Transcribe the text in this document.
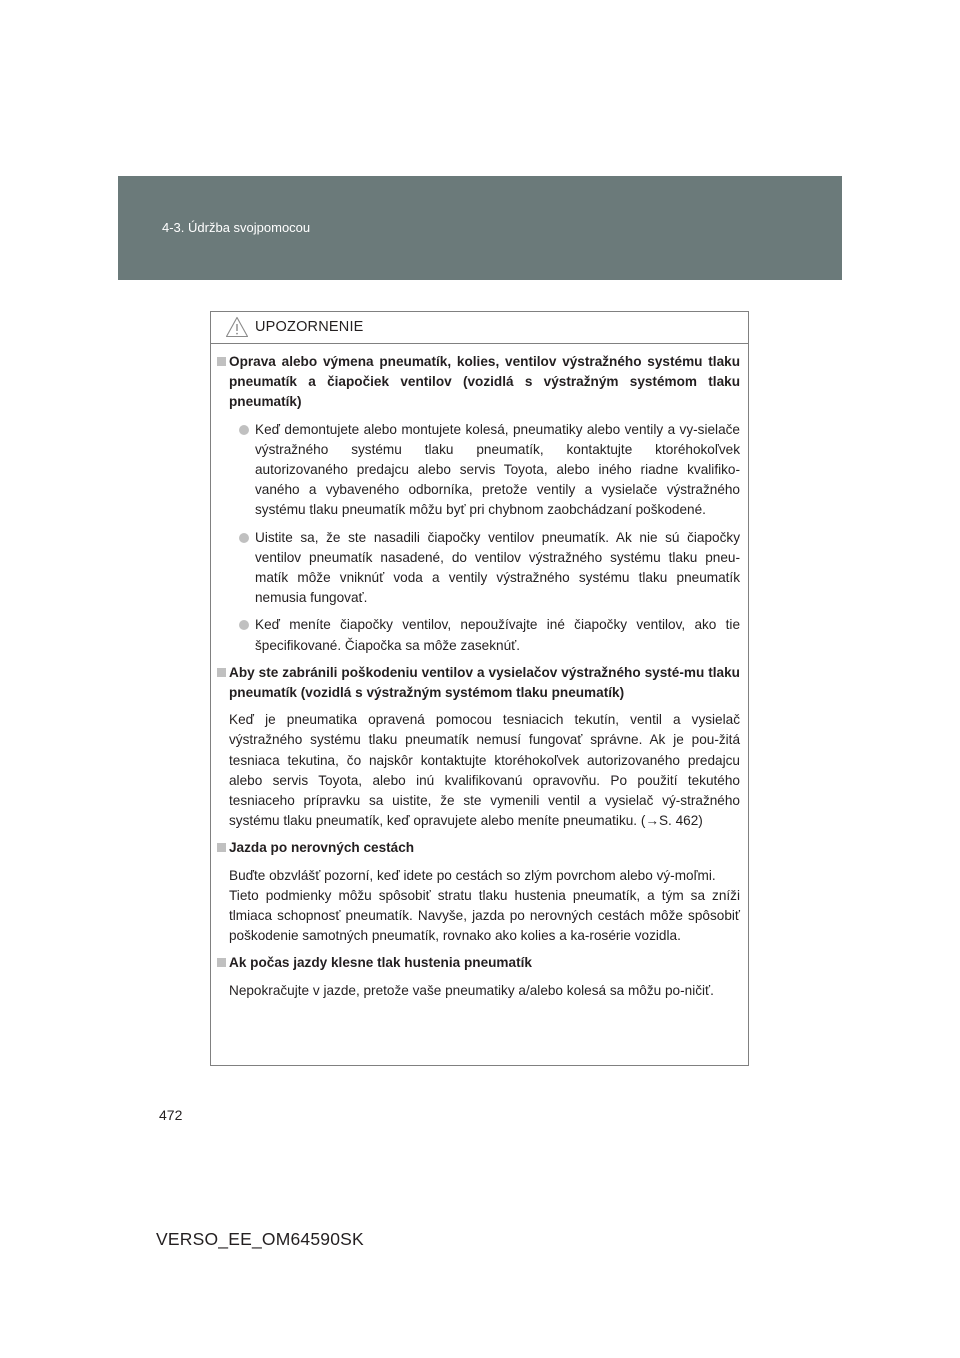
4-3. Údržba svojpomocou
UPOZORNENIE
Oprava alebo výmena pneumatík, kolies, ventilov výstražného systému tlaku pneumatík a čiapočiek ventilov (vozidlá s výstražným systémom tlaku pneumatík)
Keď demontujete alebo montujete kolesá, pneumatiky alebo ventily a vy-sielače výstražného systému tlaku pneumatík, kontaktujte ktoréhokoľvek autorizovaného predajcu alebo servis Toyota, alebo iného riadne kvalifiko-vaného a vybaveného odborníka, pretože ventily a vysielače výstražného systému tlaku pneumatík môžu byť pri chybnom zaobchádzaní poškodené.
Uistite sa, že ste nasadili čiapočky ventilov pneumatík. Ak nie sú čiapočky ventilov pneumatík nasadené, do ventilov výstražného systému tlaku pneu-matík môže vniknúť voda a ventily výstražného systému tlaku pneumatík nemusia fungovať.
Keď meníte čiapočky ventilov, nepoužívajte iné čiapočky ventilov, ako tie špecifikované. Čiapočka sa môže zaseknúť.
Aby ste zabránili poškodeniu ventilov a vysielačov výstražného systé-mu tlaku pneumatík (vozidlá s výstražným systémom tlaku pneumatík)
Keď je pneumatika opravená pomocou tesniacich tekutín, ventil a vysielač výstražného systému tlaku pneumatík nemusí fungovať správne. Ak je pou-žitá tesniaca tekutina, čo najskôr kontaktujte ktoréhokoľvek autorizovaného predajcu alebo servis Toyota, alebo inú kvalifikovanú opravovňu. Po použití tekutého tesniaceho prípravku sa uistite, že ste vymenili ventil a vysielač vý-stražného systému tlaku pneumatík, keď opravujete alebo meníte pneumatiku. (→S. 462)
Jazda po nerovných cestách
Buďte obzvlášť pozorní, keď idete po cestách so zlým povrchom alebo vý-moľmi.
Tieto podmienky môžu spôsobiť stratu tlaku hustenia pneumatík, a tým sa zníži tlmiaca schopnosť pneumatík. Navyše, jazda po nerovných cestách môže spôsobiť poškodenie samotných pneumatík, rovnako ako kolies a ka-rosérie vozidla.
Ak počas jazdy klesne tlak hustenia pneumatík
Nepokračujte v jazde, pretože vaše pneumatiky a/alebo kolesá sa môžu po-ničiť.
472
VERSO_EE_OM64590SK
